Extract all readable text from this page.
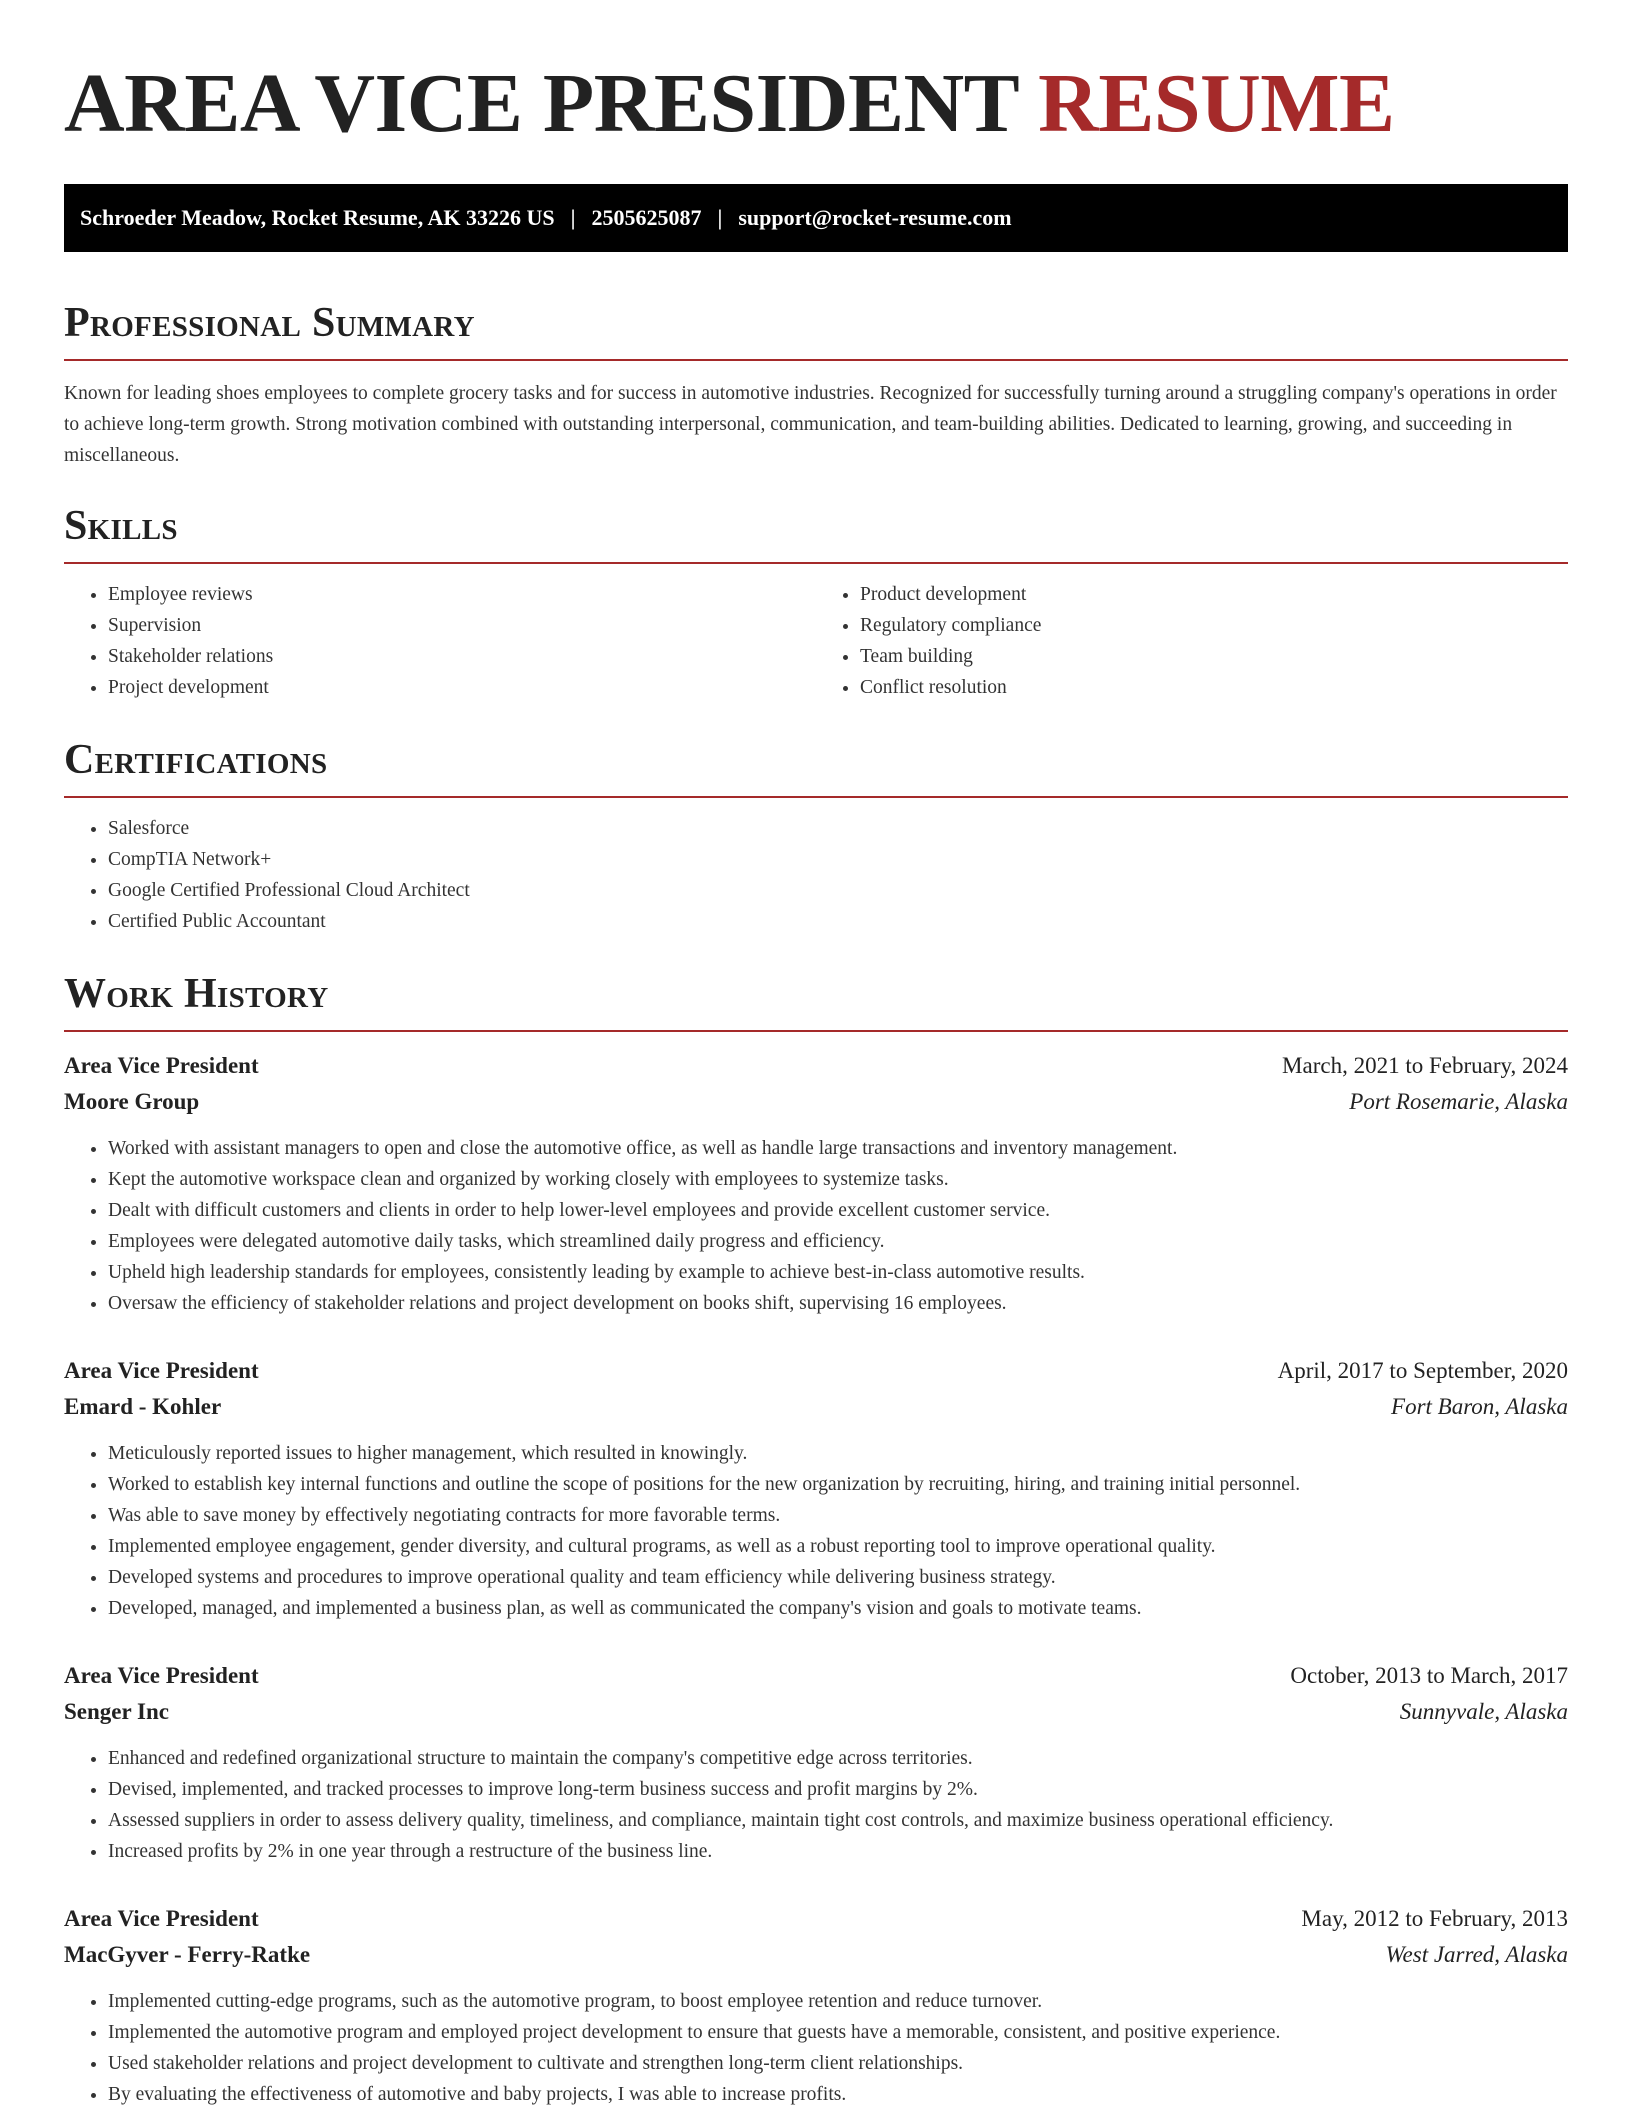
AREA VICE PRESIDENT RESUME
Schroeder Meadow, Rocket Resume, AK 33226 US | 2505625087 | support@rocket-resume.com
Professional Summary

Known for leading shoes employees to complete grocery tasks and for success in automotive industries. Recognized for successfully turning around a struggling company's operations in order to achieve long-term growth. Strong motivation combined with outstanding interpersonal, communication, and team-building abilities. Dedicated to learning, growing, and succeeding in miscellaneous.

Skills
• Employee reviews
• Supervision
• Stakeholder relations
• Project development
• Product development
• Regulatory compliance
• Team building
• Conflict resolution
Certifications
• Salesforce
• CompTIA Network+
• Google Certified Professional Cloud Architect
• Certified Public Accountant
Work History
Area Vice President	March, 2021 to February, 2024
Moore Group	Port Rosemarie, Alaska
• Worked with assistant managers to open and close the automotive office, as well as handle large transactions and inventory management.
• Kept the automotive workspace clean and organized by working closely with employees to systemize tasks.
• Dealt with difficult customers and clients in order to help lower-level employees and provide excellent customer service.
• Employees were delegated automotive daily tasks, which streamlined daily progress and efficiency.
• Upheld high leadership standards for employees, consistently leading by example to achieve best-in-class automotive results.
• Oversaw the efficiency of stakeholder relations and project development on books shift, supervising 16 employees.
Area Vice President	April, 2017 to September, 2020
Emard - Kohler	Fort Baron, Alaska
• Meticulously reported issues to higher management, which resulted in knowingly.
• Worked to establish key internal functions and outline the scope of positions for the new organization by recruiting, hiring, and training initial personnel.
• Was able to save money by effectively negotiating contracts for more favorable terms.
• Implemented employee engagement, gender diversity, and cultural programs, as well as a robust reporting tool to improve operational quality.
• Developed systems and procedures to improve operational quality and team efficiency while delivering business strategy.
• Developed, managed, and implemented a business plan, as well as communicated the company's vision and goals to motivate teams.
Area Vice President	October, 2013 to March, 2017
Senger Inc	Sunnyvale, Alaska
• Enhanced and redefined organizational structure to maintain the company's competitive edge across territories.
• Devised, implemented, and tracked processes to improve long-term business success and profit margins by 2%.
• Assessed suppliers in order to assess delivery quality, timeliness, and compliance, maintain tight cost controls, and maximize business operational efficiency.
• Increased profits by 2% in one year through a restructure of the business line.
Area Vice President	May, 2012 to February, 2013
MacGyver - Ferry-Ratke	West Jarred, Alaska
• Implemented cutting-edge programs, such as the automotive program, to boost employee retention and reduce turnover.
• Implemented the automotive program and employed project development to ensure that guests have a memorable, consistent, and positive experience.
• Used stakeholder relations and project development to cultivate and strengthen long-term client relationships.
• By evaluating the effectiveness of automotive and baby projects, I was able to increase profits.
